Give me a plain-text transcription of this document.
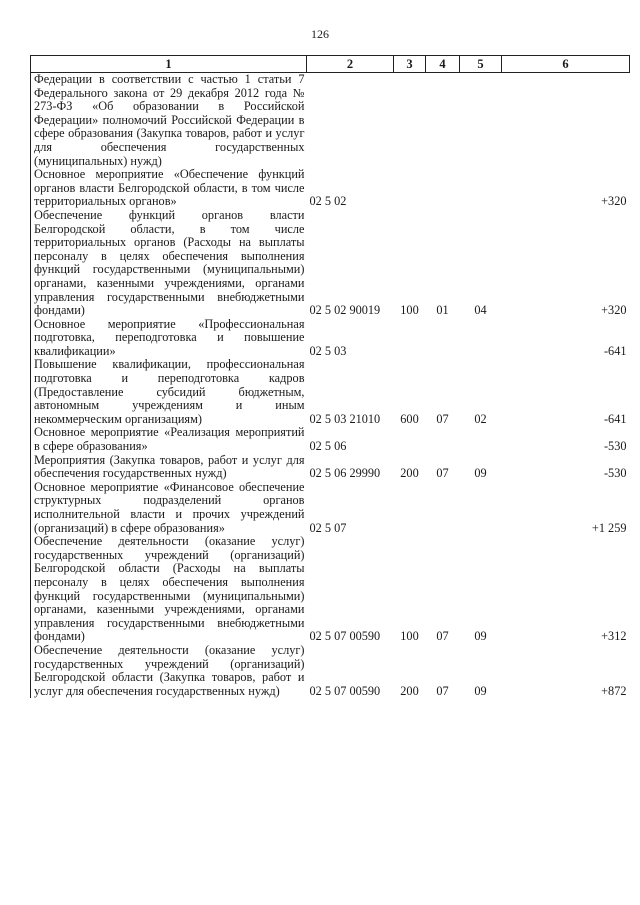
126
1	2	3	4	5	6
Федерации в соответствии с частью 1 статьи 7 Федерального закона от 29 декабря 2012 года № 273-ФЗ «Об образовании в Российской Федерации» полномочий Российской Федерации в сфере образования (Закупка товаров, работ и услуг для обеспечения государственных (муниципальных) нужд)					
Основное мероприятие «Обеспечение функций органов власти Белгородской области, в том числе территориальных органов»	02 5 02				+320
Обеспечение функций органов власти Белгородской области, в том числе территориальных органов (Расходы на выплаты персоналу в целях обеспечения выполнения функций государственными (муниципальными) органами, казенными учреждениями, органами управления государственными внебюджетными фондами)	02 5 02 90019	100	01	04	+320
Основное мероприятие «Профессиональная подготовка, переподготовка и повышение квалификации»	02 5 03				-641
Повышение квалификации, профессиональная подготовка и переподготовка кадров (Предоставление субсидий бюджетным, автономным учреждениям и иным некоммерческим организациям)	02 5 03 21010	600	07	02	-641
Основное мероприятие «Реализация мероприятий в сфере образования»	02 5 06				-530
Мероприятия (Закупка товаров, работ и услуг для обеспечения государственных нужд)	02 5 06 29990	200	07	09	-530
Основное мероприятие «Финансовое обеспечение структурных подразделений органов исполнительной власти и прочих учреждений (организаций) в сфере образования»	02 5 07				+1 259
Обеспечение деятельности (оказание услуг) государственных учреждений (организаций) Белгородской области (Расходы на выплаты персоналу в целях обеспечения выполнения функций государственными (муниципальными) органами, казенными учреждениями, органами управления государственными внебюджетными фондами)	02 5 07 00590	100	07	09	+312
Обеспечение деятельности (оказание услуг) государственных учреждений (организаций) Белгородской области (Закупка товаров, работ и услуг для обеспечения государственных нужд)	02 5 07 00590	200	07	09	+872
